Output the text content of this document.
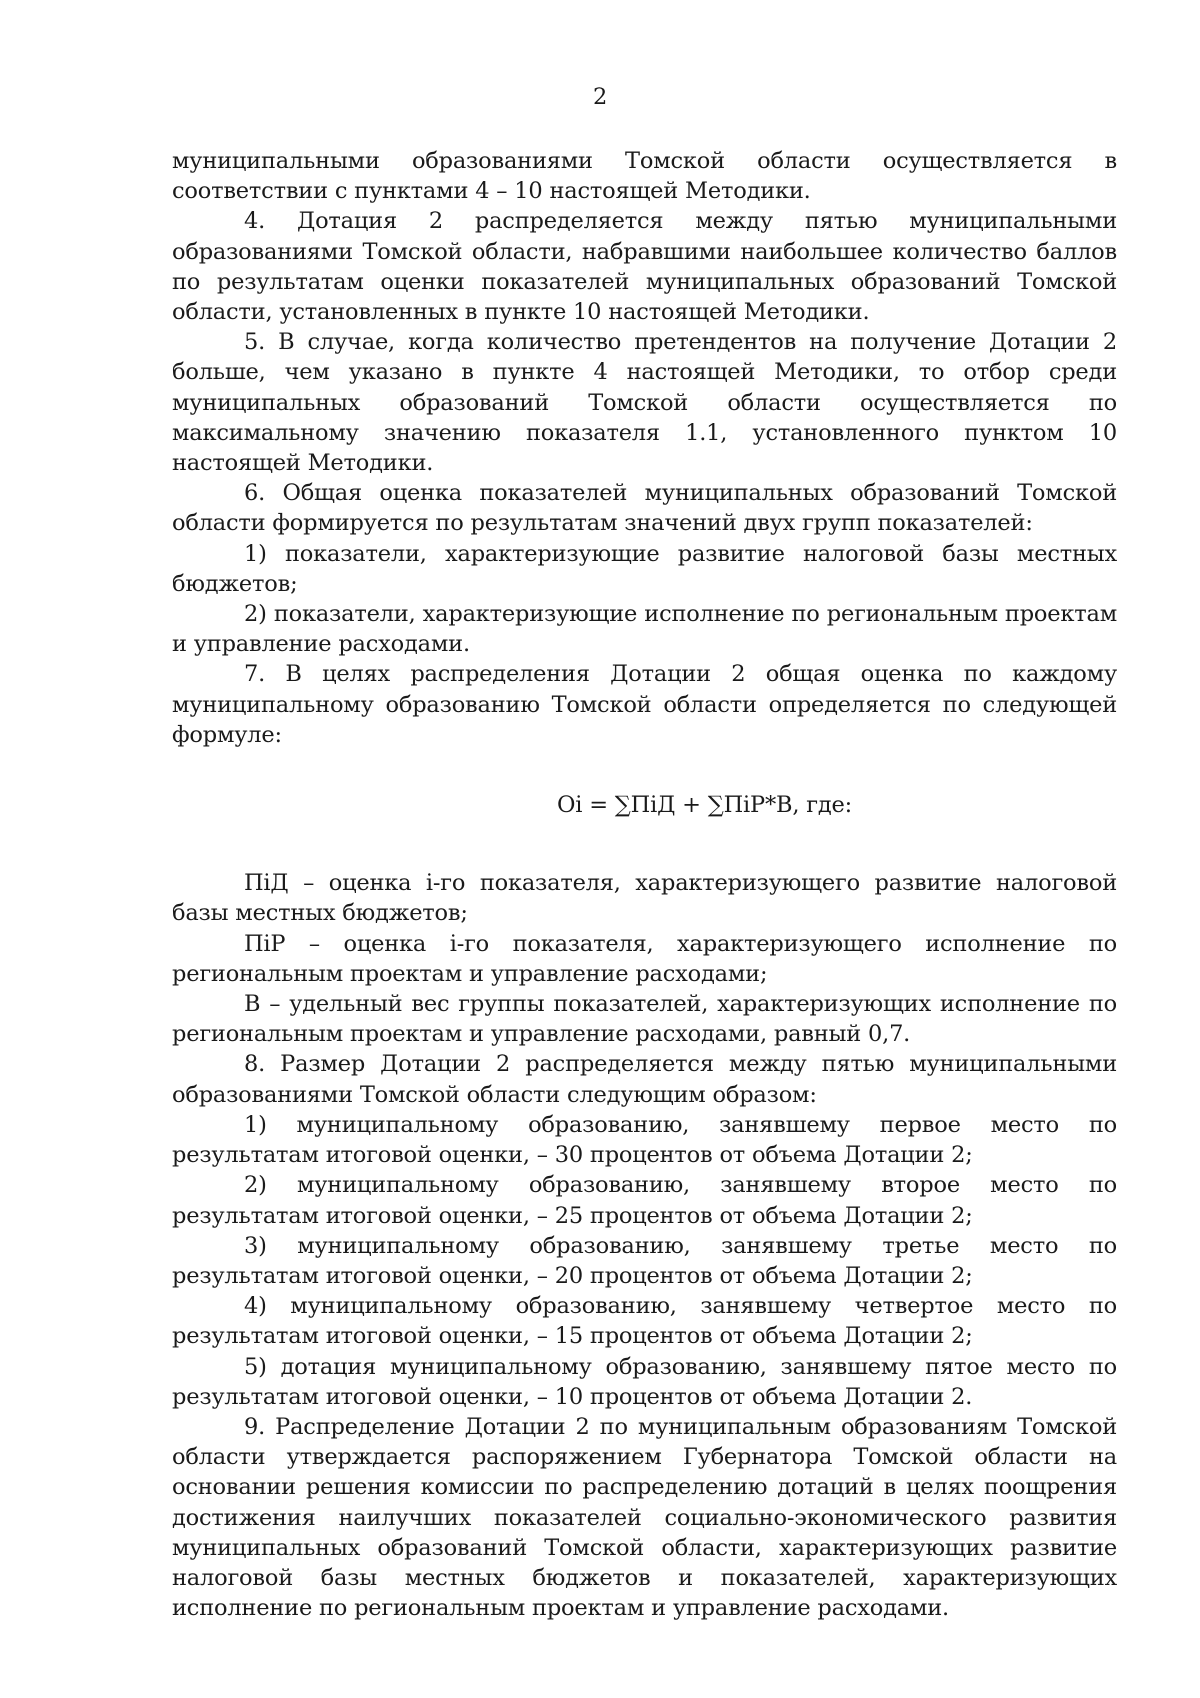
2

муниципальными образованиями Томской области осуществляется в соответствии с пунктами 4 – 10 настоящей Методики.

4. Дотация 2 распределяется между пятью муниципальными образованиями Томской области, набравшими наибольшее количество баллов по результатам оценки показателей муниципальных образований Томской области, установленных в пункте 10 настоящей Методики.

5. В случае, когда количество претендентов на получение Дотации 2 больше, чем указано в пункте 4 настоящей Методики, то отбор среди муниципальных образований Томской области осуществляется по максимальному значению показателя 1.1, установленного пунктом 10 настоящей Методики.

6. Общая оценка показателей муниципальных образований Томской области формируется по результатам значений двух групп показателей:

1) показатели, характеризующие развитие налоговой базы местных бюджетов;

2) показатели, характеризующие исполнение по региональным проектам и управление расходами.

7. В целях распределения Дотации 2 общая оценка по каждому муниципальному образованию Томской области определяется по следующей формуле:

Оi = ∑ПiД + ∑ПiР*В, где:

ПiД – оценка i-го показателя, характеризующего развитие налоговой базы местных бюджетов;

ПiР – оценка i-го показателя, характеризующего исполнение по региональным проектам и управление расходами;

В – удельный вес группы показателей, характеризующих исполнение по региональным проектам и управление расходами, равный 0,7.

8. Размер Дотации 2 распределяется между пятью муниципальными образованиями Томской области следующим образом:

1) муниципальному образованию, занявшему первое место по результатам итоговой оценки, – 30 процентов от объема Дотации 2;

2) муниципальному образованию, занявшему второе место по результатам итоговой оценки, – 25 процентов от объема Дотации 2;

3) муниципальному образованию, занявшему третье место по результатам итоговой оценки, – 20 процентов от объема Дотации 2;

4) муниципальному образованию, занявшему четвертое место по результатам итоговой оценки, – 15 процентов от объема Дотации 2;

5) дотация муниципальному образованию, занявшему пятое место по результатам итоговой оценки, – 10 процентов от объема Дотации 2.

9. Распределение Дотации 2 по муниципальным образованиям Томской области утверждается распоряжением Губернатора Томской области на основании решения комиссии по распределению дотаций в целях поощрения достижения наилучших показателей социально-экономического развития муниципальных образований Томской области, характеризующих развитие налоговой базы местных бюджетов и показателей, характеризующих исполнение по региональным проектам и управление расходами.
